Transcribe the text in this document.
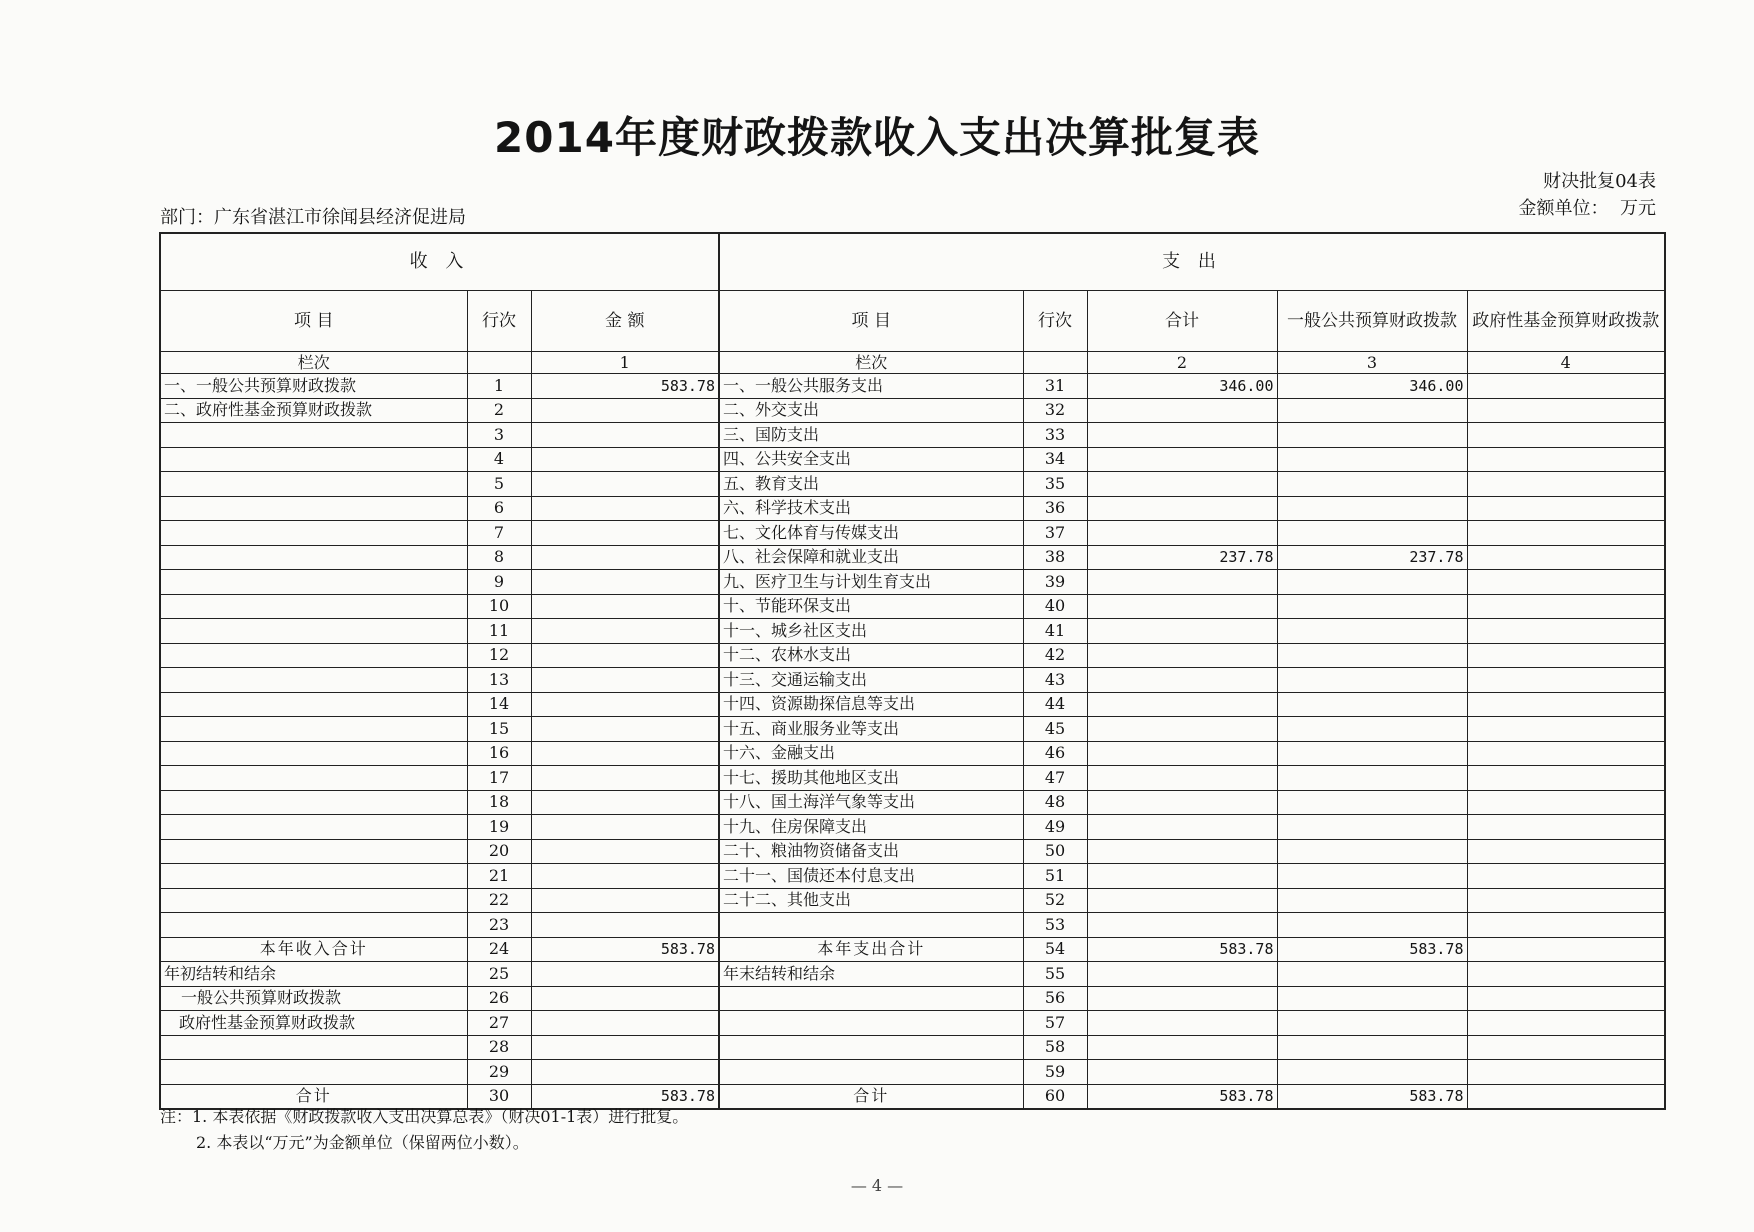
2014年度财政拨款收入支出决算批复表
财决批复04表
金额单位：  万元
部门：广东省湛江市徐闻县经济促进局
收 入			支 出				
项 目	行次	金 额	项 目	行次	合计	一般公共预算财政拨款	政府性基金预算财政拨款
栏次		1	栏次		2	3	4
一、一般公共预算财政拨款	1	583.78	一、一般公共服务支出	31	346.00	346.00	
二、政府性基金预算财政拨款	2		二、外交支出	32			
	3		三、国防支出	33			
	4		四、公共安全支出	34			
	5		五、教育支出	35			
	6		六、科学技术支出	36			
	7		七、文化体育与传媒支出	37			
	8		八、社会保障和就业支出	38	237.78	237.78	
	9		九、医疗卫生与计划生育支出	39			
	10		十、节能环保支出	40			
	11		十一、城乡社区支出	41			
	12		十二、农林水支出	42			
	13		十三、交通运输支出	43			
	14		十四、资源勘探信息等支出	44			
	15		十五、商业服务业等支出	45			
	16		十六、金融支出	46			
	17		十七、援助其他地区支出	47			
	18		十八、国土海洋气象等支出	48			
	19		十九、住房保障支出	49			
	20		二十、粮油物资储备支出	50			
	21		二十一、国债还本付息支出	51			
	22		二十二、其他支出	52			
	23			53			
本年收入合计	24	583.78	本年支出合计	54	583.78	583.78	
年初结转和结余	25		年末结转和结余	55			
一般公共预算财政拨款	26			56			
政府性基金预算财政拨款	27			57			
	28			58			
	29			59			
合计	30	583.78	合计	60	583.78	583.78	
注：1. 本表依据《财政拨款收入支出决算总表》（财决01-1表）进行批复。
2. 本表以“万元”为金额单位（保留两位小数）。
— 4 —
